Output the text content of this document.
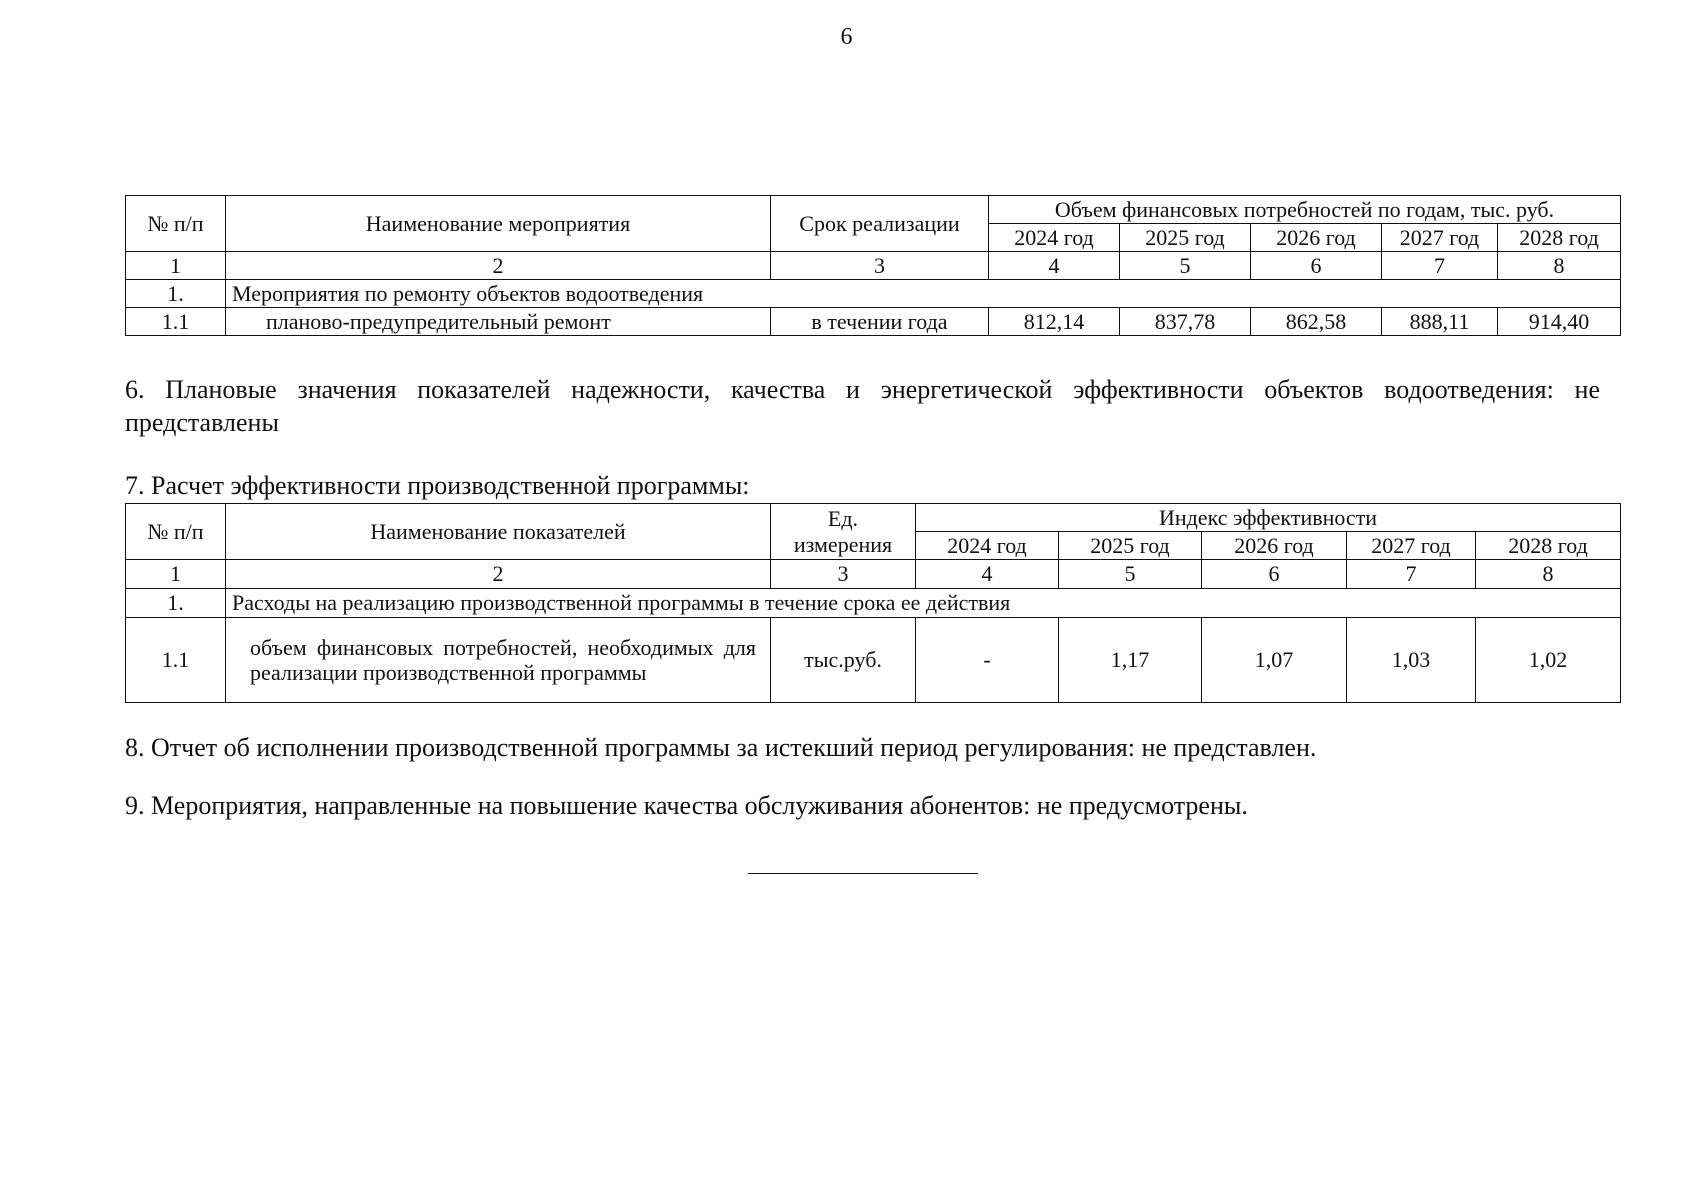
6
№ п/п	Наименование мероприятия	Срок реализации	Объем финансовых потребностей по годам, тыс. руб.				
			2024 год	2025 год	2026 год	2027 год	2028 год
1	2	3	4	5	6	7	8
1.	Мероприятия по ремонту объектов водоотведения						
1.1	планово-предупредительный ремонт	в течении года	812,14	837,78	862,58	888,11	914,40
6. Плановые значения показателей надежности, качества и энергетической эффективности объектов водоотведения: не представлены
7. Расчет эффективности производственной программы:
№ п/п	Наименование показателей	Ед. измерения	Индекс эффективности				
			2024 год	2025 год	2026 год	2027 год	2028 год
1	2	3	4	5	6	7	8
1.	Расходы на реализацию производственной программы в течение срока ее действия						
1.1	объем финансовых потребностей, необходимых для реализации производственной программы	тыс.руб.	-	1,17	1,07	1,03	1,02
8. Отчет об исполнении производственной программы за истекший период регулирования: не представлен.
9. Мероприятия, направленные на повышение качества обслуживания абонентов: не предусмотрены.
